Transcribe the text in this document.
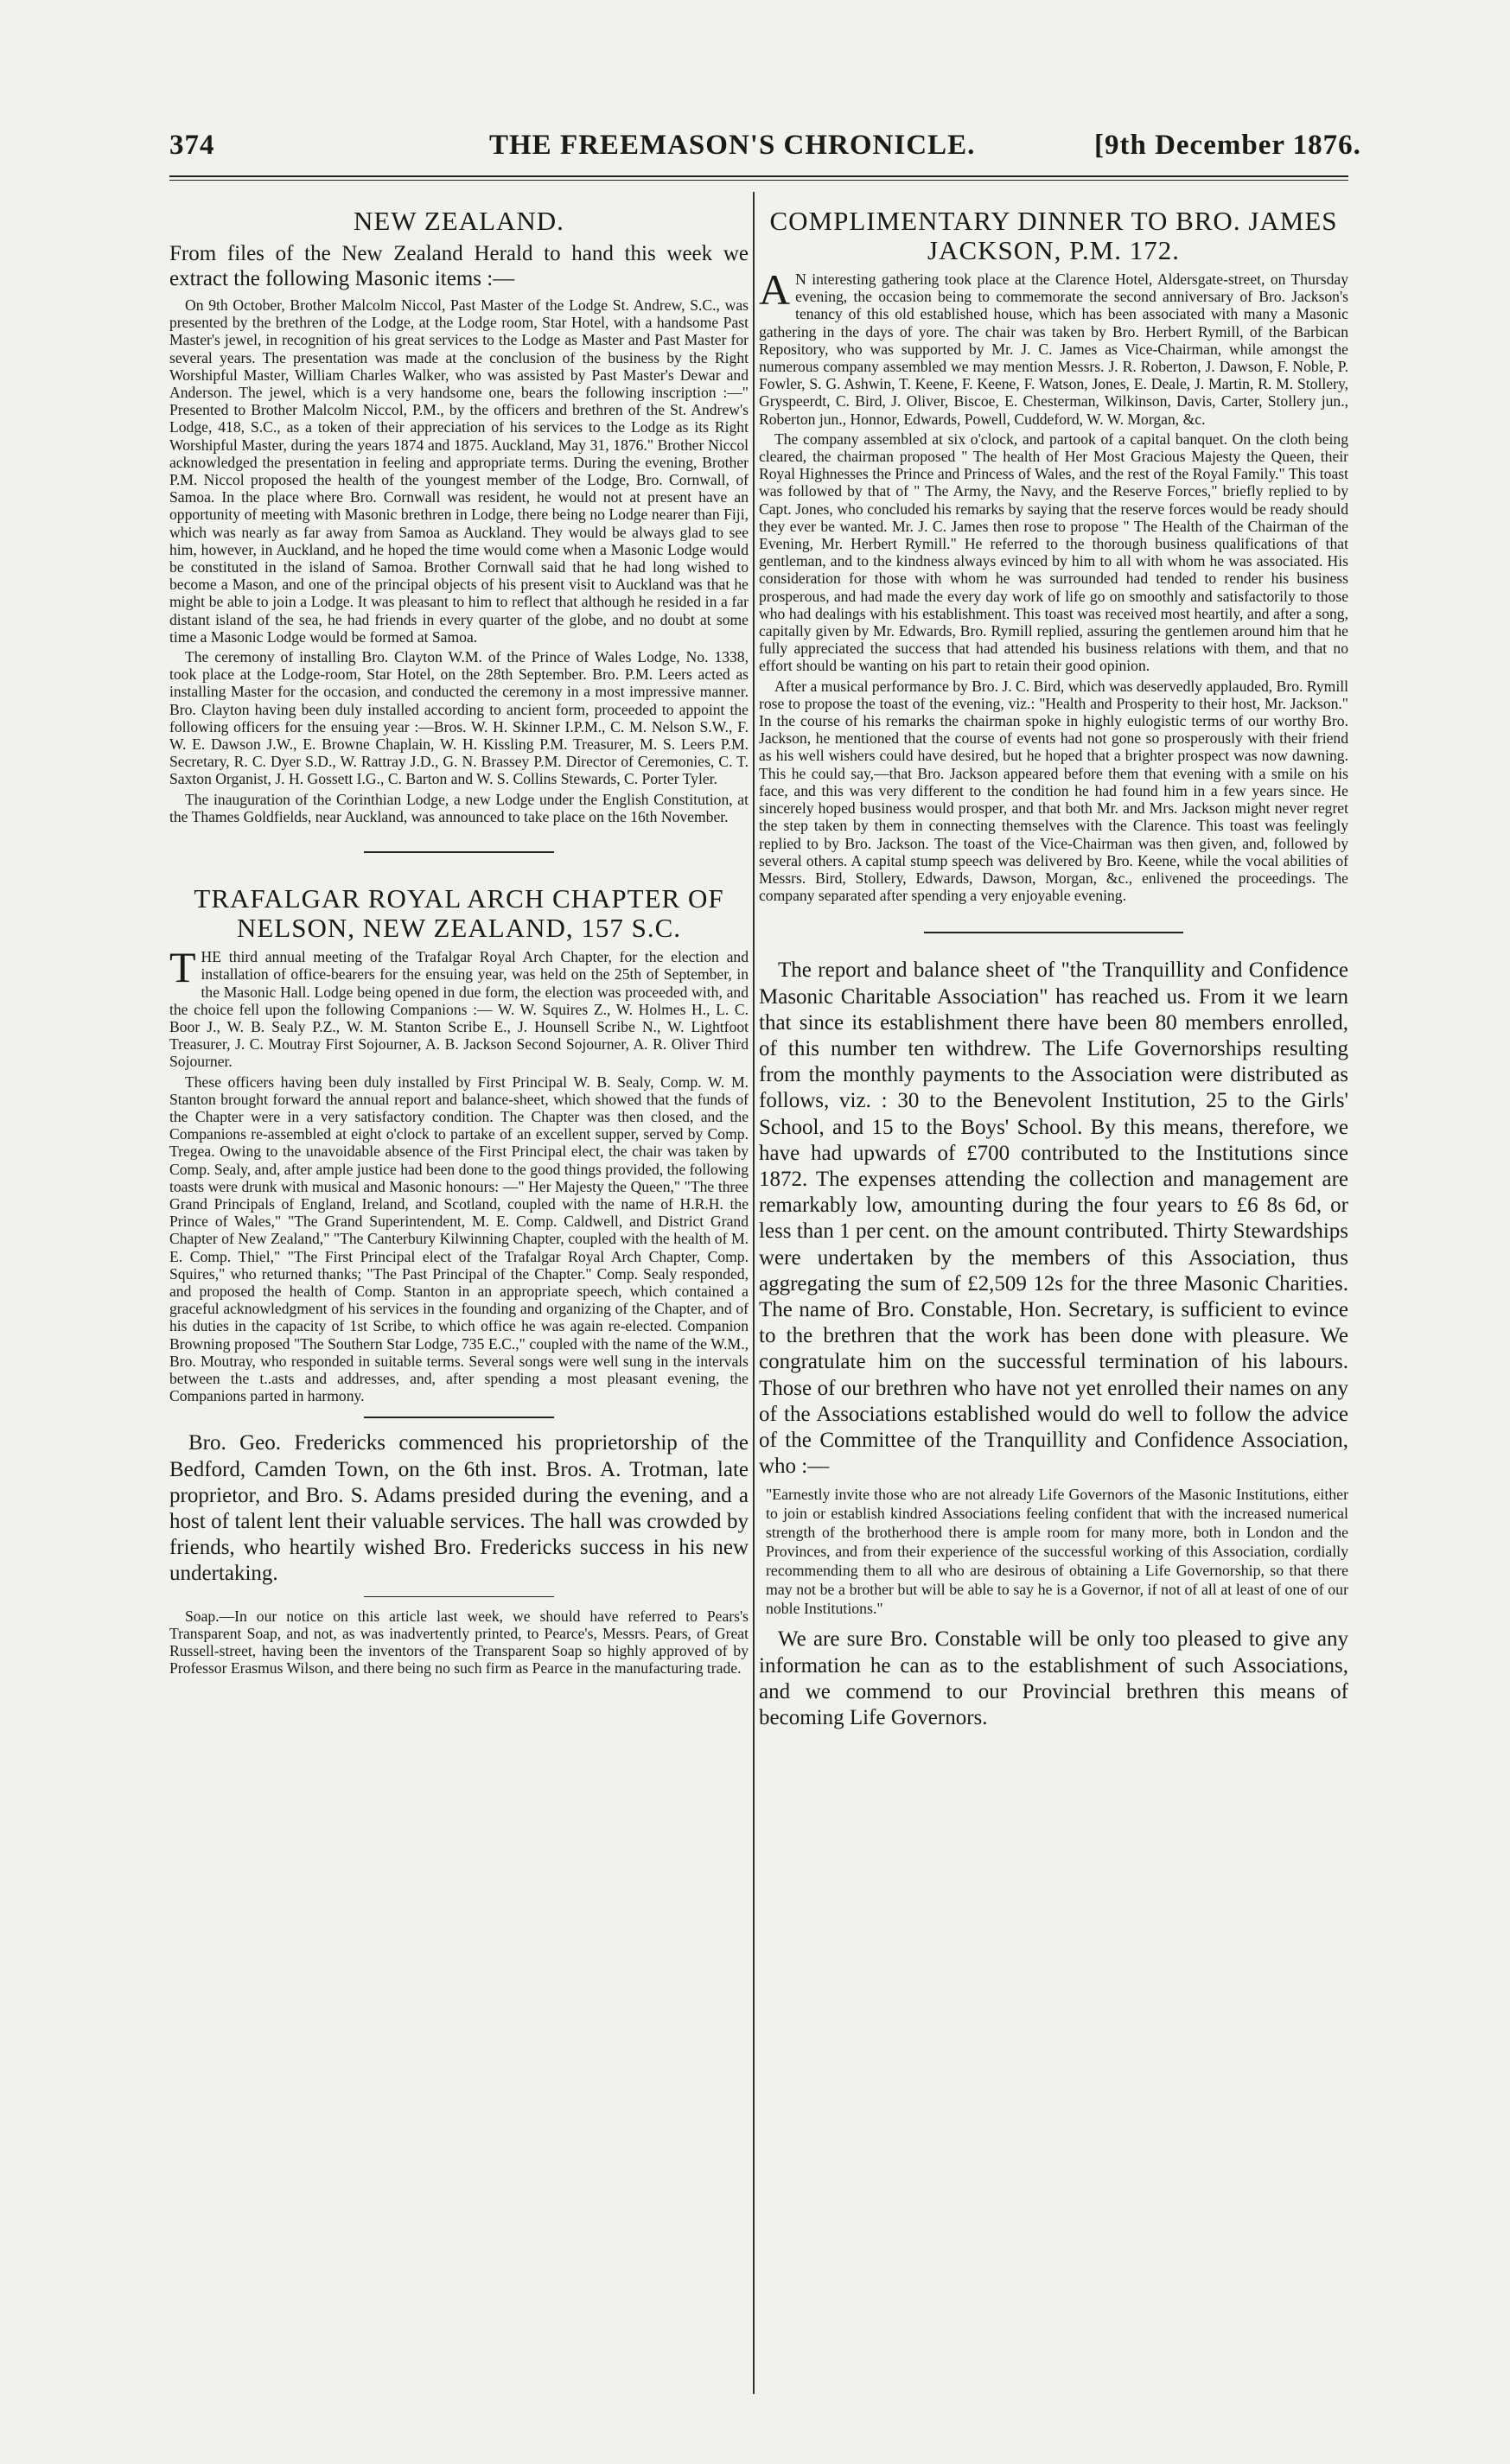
374	THE FREEMASON'S CHRONICLE.	[9th December 1876.
NEW ZEALAND.

From files of the New Zealand Herald to hand this week we extract the following Masonic items :—

On 9th October, Brother Malcolm Niccol, Past Master of the Lodge St. Andrew, S.C., was presented by the brethren of the Lodge, at the Lodge room, Star Hotel, with a handsome Past Master's jewel, in recognition of his great services to the Lodge as Master and Past Master for several years. The presentation was made at the conclusion of the business by the Right Worshipful Master, William Charles Walker, who was assisted by Past Master's Dewar and Anderson. The jewel, which is a very handsome one, bears the following inscription :—" Presented to Brother Malcolm Niccol, P.M., by the officers and brethren of the St. Andrew's Lodge, 418, S.C., as a token of their appreciation of his services to the Lodge as its Right Worshipful Master, during the years 1874 and 1875. Auckland, May 31, 1876." Brother Niccol acknowledged the presentation in feeling and appropriate terms. During the evening, Brother P.M. Niccol proposed the health of the youngest member of the Lodge, Bro. Cornwall, of Samoa. In the place where Bro. Cornwall was resident, he would not at present have an opportunity of meeting with Masonic brethren in Lodge, there being no Lodge nearer than Fiji, which was nearly as far away from Samoa as Auckland. They would be always glad to see him, however, in Auckland, and he hoped the time would come when a Masonic Lodge would be constituted in the island of Samoa. Brother Cornwall said that he had long wished to become a Mason, and one of the principal objects of his present visit to Auckland was that he might be able to join a Lodge. It was pleasant to him to reflect that although he resided in a far distant island of the sea, he had friends in every quarter of the globe, and no doubt at some time a Masonic Lodge would be formed at Samoa.

The ceremony of installing Bro. Clayton W.M. of the Prince of Wales Lodge, No. 1338, took place at the Lodge-room, Star Hotel, on the 28th September. Bro. P.M. Leers acted as installing Master for the occasion, and conducted the ceremony in a most impressive manner. Bro. Clayton having been duly installed according to ancient form, proceeded to appoint the following officers for the ensuing year :—Bros. W. H. Skinner I.P.M., C. M. Nelson S.W., F. W. E. Dawson J.W., E. Browne Chaplain, W. H. Kissling P.M. Treasurer, M. S. Leers P.M. Secretary, R. C. Dyer S.D., W. Rattray J.D., G. N. Brassey P.M. Director of Ceremonies, C. T. Saxton Organist, J. H. Gossett I.G., C. Barton and W. S. Collins Stewards, C. Porter Tyler.

The inauguration of the Corinthian Lodge, a new Lodge under the English Constitution, at the Thames Goldfields, near Auckland, was announced to take place on the 16th November.

TRAFALGAR ROYAL ARCH CHAPTER OF NELSON, NEW ZEALAND, 157 S.C.

THE third annual meeting of the Trafalgar Royal Arch Chapter, for the election and installation of office-bearers for the ensuing year, was held on the 25th of September, in the Masonic Hall. Lodge being opened in due form, the election was proceeded with, and the choice fell upon the following Companions :— W. W. Squires Z., W. Holmes H., L. C. Boor J., W. B. Sealy P.Z., W. M. Stanton Scribe E., J. Hounsell Scribe N., W. Lightfoot Treasurer, J. C. Moutray First Sojourner, A. B. Jackson Second Sojourner, A. R. Oliver Third Sojourner.

These officers having been duly installed by First Principal W. B. Sealy, Comp. W. M. Stanton brought forward the annual report and balance-sheet, which showed that the funds of the Chapter were in a very satisfactory condition. The Chapter was then closed, and the Companions re-assembled at eight o'clock to partake of an excellent supper, served by Comp. Tregea. Owing to the unavoidable absence of the First Principal elect, the chair was taken by Comp. Sealy, and, after ample justice had been done to the good things provided, the following toasts were drunk with musical and Masonic honours: —" Her Majesty the Queen," "The three Grand Principals of England, Ireland, and Scotland, coupled with the name of H.R.H. the Prince of Wales," "The Grand Superintendent, M. E. Comp. Caldwell, and District Grand Chapter of New Zealand," "The Canterbury Kilwinning Chapter, coupled with the health of M. E. Comp. Thiel," "The First Principal elect of the Trafalgar Royal Arch Chapter, Comp. Squires," who returned thanks; "The Past Principal of the Chapter." Comp. Sealy responded, and proposed the health of Comp. Stanton in an appropriate speech, which contained a graceful acknowledgment of his services in the founding and organizing of the Chapter, and of his duties in the capacity of 1st Scribe, to which office he was again re-elected. Companion Browning proposed "The Southern Star Lodge, 735 E.C.," coupled with the name of the W.M., Bro. Moutray, who responded in suitable terms. Several songs were well sung in the intervals between the t..asts and addresses, and, after spending a most pleasant evening, the Companions parted in harmony.

Bro. Geo. Fredericks commenced his proprietorship of the Bedford, Camden Town, on the 6th inst. Bros. A. Trotman, late proprietor, and Bro. S. Adams presided during the evening, and a host of talent lent their valuable services. The hall was crowded by friends, who heartily wished Bro. Fredericks success in his new undertaking.

Soap.—In our notice on this article last week, we should have referred to Pears's Transparent Soap, and not, as was inadvertently printed, to Pearce's, Messrs. Pears, of Great Russell-street, having been the inventors of the Transparent Soap so highly approved of by Professor Erasmus Wilson, and there being no such firm as Pearce in the manufacturing trade.

COMPLIMENTARY DINNER TO BRO. JAMES JACKSON, P.M. 172.

A N interesting gathering took place at the Clarence Hotel, Aldersgate-street, on Thursday evening, the occasion being to commemorate the second anniversary of Bro. Jackson's tenancy of this old established house, which has been associated with many a Masonic gathering in the days of yore. The chair was taken by Bro. Herbert Rymill, of the Barbican Repository, who was supported by Mr. J. C. James as Vice-Chairman, while amongst the numerous company assembled we may mention Messrs. J. R. Roberton, J. Dawson, F. Noble, P. Fowler, S. G. Ashwin, T. Keene, F. Keene, F. Watson, Jones, E. Deale, J. Martin, R. M. Stollery, Gryspeerdt, C. Bird, J. Oliver, Biscoe, E. Chesterman, Wilkinson, Davis, Carter, Stollery jun., Roberton jun., Honnor, Edwards, Powell, Cuddeford, W. W. Morgan, &c.

The company assembled at six o'clock, and partook of a capital banquet. On the cloth being cleared, the chairman proposed " The health of Her Most Gracious Majesty the Queen, their Royal Highnesses the Prince and Princess of Wales, and the rest of the Royal Family." This toast was followed by that of " The Army, the Navy, and the Reserve Forces," briefly replied to by Capt. Jones, who concluded his remarks by saying that the reserve forces would be ready should they ever be wanted. Mr. J. C. James then rose to propose " The Health of the Chairman of the Evening, Mr. Herbert Rymill." He referred to the thorough business qualifications of that gentleman, and to the kindness always evinced by him to all with whom he was associated. His consideration for those with whom he was surrounded had tended to render his business prosperous, and had made the every day work of life go on smoothly and satisfactorily to those who had dealings with his establishment. This toast was received most heartily, and after a song, capitally given by Mr. Edwards, Bro. Rymill replied, assuring the gentlemen around him that he fully appreciated the success that had attended his business relations with them, and that no effort should be wanting on his part to retain their good opinion.

After a musical performance by Bro. J. C. Bird, which was deservedly applauded, Bro. Rymill rose to propose the toast of the evening, viz.: "Health and Prosperity to their host, Mr. Jackson." In the course of his remarks the chairman spoke in highly eulogistic terms of our worthy Bro. Jackson, he mentioned that the course of events had not gone so prosperously with their friend as his well wishers could have desired, but he hoped that a brighter prospect was now dawning. This he could say,—that Bro. Jackson appeared before them that evening with a smile on his face, and this was very different to the condition he had found him in a few years since. He sincerely hoped business would prosper, and that both Mr. and Mrs. Jackson might never regret the step taken by them in connecting themselves with the Clarence. This toast was feelingly replied to by Bro. Jackson. The toast of the Vice-Chairman was then given, and, followed by several others. A capital stump speech was delivered by Bro. Keene, while the vocal abilities of Messrs. Bird, Stollery, Edwards, Dawson, Morgan, &c., enlivened the proceedings. The company separated after spending a very enjoyable evening.

The report and balance sheet of "the Tranquillity and Confidence Masonic Charitable Association" has reached us. From it we learn that since its establishment there have been 80 members enrolled, of this number ten withdrew. The Life Governorships resulting from the monthly payments to the Association were distributed as follows, viz. : 30 to the Benevolent Institution, 25 to the Girls' School, and 15 to the Boys' School. By this means, therefore, we have had upwards of £700 contributed to the Institutions since 1872. The expenses attending the collection and management are remarkably low, amounting during the four years to £6 8s 6d, or less than 1 per cent. on the amount contributed. Thirty Stewardships were undertaken by the members of this Association, thus aggregating the sum of £2,509 12s for the three Masonic Charities. The name of Bro. Constable, Hon. Secretary, is sufficient to evince to the brethren that the work has been done with pleasure. We congratulate him on the successful termination of his labours. Those of our brethren who have not yet enrolled their names on any of the Associations established would do well to follow the advice of the Committee of the Tranquillity and Confidence Association, who :—

"Earnestly invite those who are not already Life Governors of the Masonic Institutions, either to join or establish kindred Associations feeling confident that with the increased numerical strength of the brotherhood there is ample room for many more, both in London and the Provinces, and from their experience of the successful working of this Association, cordially recommending them to all who are desirous of obtaining a Life Governorship, so that there may not be a brother but will be able to say he is a Governor, if not of all at least of one of our noble Institutions."

We are sure Bro. Constable will be only too pleased to give any information he can as to the establishment of such Associations, and we commend to our Provincial brethren this means of becoming Life Governors.
